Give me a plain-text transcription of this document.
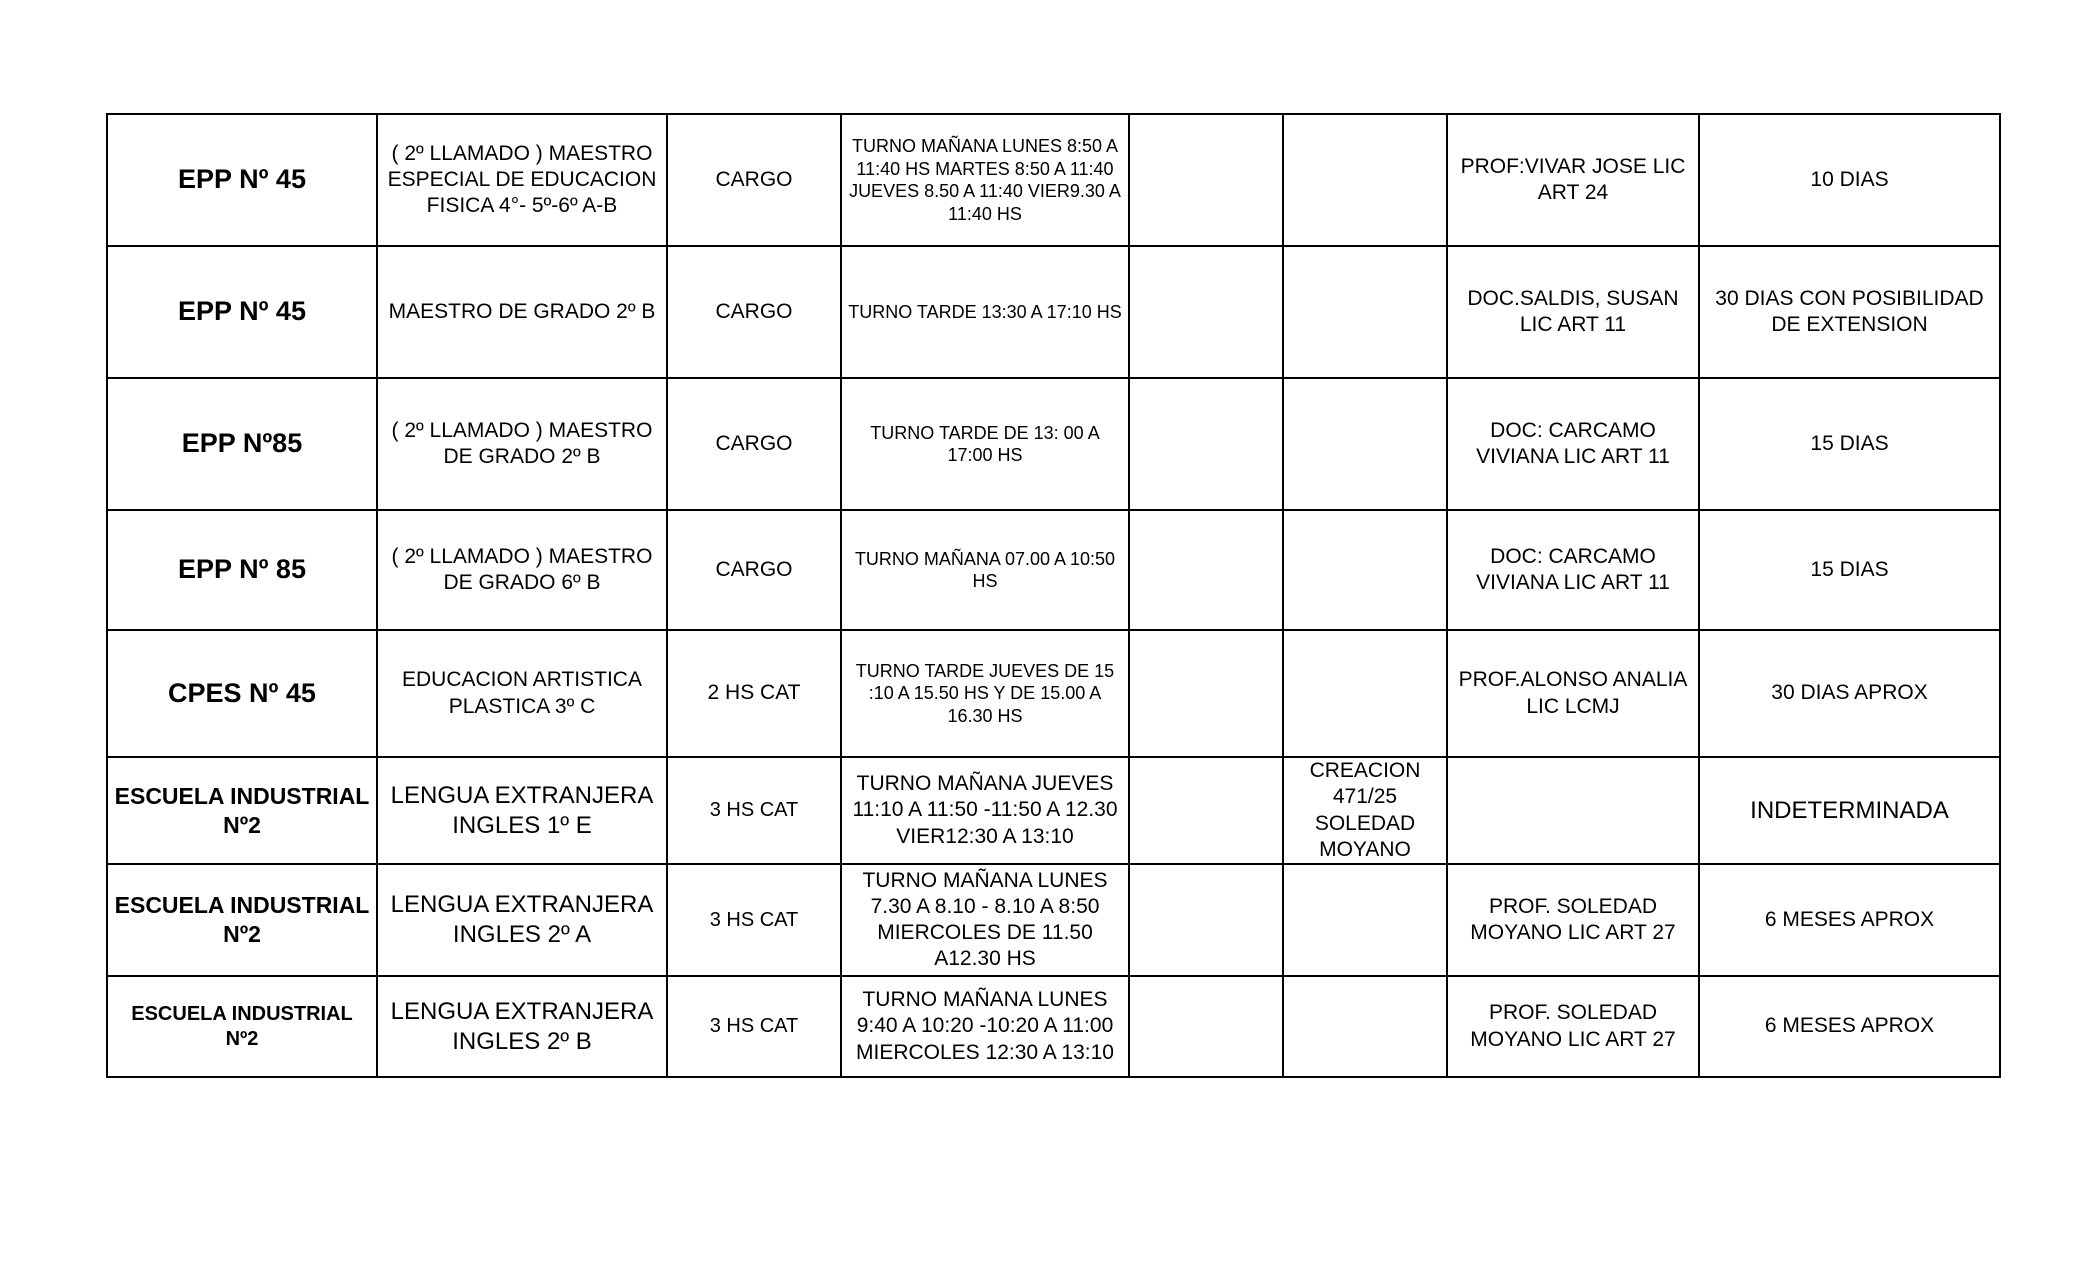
EPP Nº 45	( 2º LLAMADO ) MAESTRO ESPECIAL DE EDUCACION FISICA 4°- 5º-6º A-B	CARGO	TURNO MAÑANA LUNES 8:50 A 11:40 HS MARTES 8:50 A 11:40 JUEVES 8.50 A 11:40 VIER9.30 A 11:40 HS			PROF:VIVAR JOSE LIC ART 24	10 DIAS
EPP Nº 45	MAESTRO DE GRADO 2º B	CARGO	TURNO TARDE 13:30 A 17:10 HS			DOC.SALDIS, SUSAN LIC ART 11	30 DIAS CON POSIBILIDAD DE EXTENSION
EPP Nº85	( 2º LLAMADO ) MAESTRO DE GRADO 2º B	CARGO	TURNO TARDE DE 13: 00 A 17:00 HS			DOC: CARCAMO VIVIANA LIC ART 11	15 DIAS
EPP Nº 85	( 2º LLAMADO ) MAESTRO DE GRADO 6º B	CARGO	TURNO MAÑANA 07.00 A 10:50 HS			DOC: CARCAMO VIVIANA LIC ART 11	15 DIAS
CPES Nº 45	EDUCACION ARTISTICA PLASTICA 3º C	2 HS CAT	TURNO TARDE JUEVES DE 15 :10 A 15.50 HS Y DE 15.00 A 16.30 HS			PROF.ALONSO ANALIA LIC LCMJ	30 DIAS APROX
ESCUELA INDUSTRIAL Nº2	LENGUA EXTRANJERA INGLES 1º E	3 HS CAT	TURNO MAÑANA JUEVES 11:10 A 11:50 -11:50 A 12.30 VIER12:30 A 13:10		CREACION 471/25 SOLEDAD MOYANO		INDETERMINADA
ESCUELA INDUSTRIAL Nº2	LENGUA EXTRANJERA INGLES 2º A	3 HS CAT	TURNO MAÑANA LUNES 7.30 A 8.10 - 8.10 A 8:50 MIERCOLES DE 11.50 A12.30 HS			PROF. SOLEDAD MOYANO LIC ART 27	6 MESES APROX
ESCUELA INDUSTRIAL Nº2	LENGUA EXTRANJERA INGLES 2º B	3 HS CAT	TURNO MAÑANA LUNES 9:40 A 10:20 -10:20 A 11:00 MIERCOLES 12:30 A 13:10			PROF. SOLEDAD MOYANO LIC ART 27	6 MESES APROX
